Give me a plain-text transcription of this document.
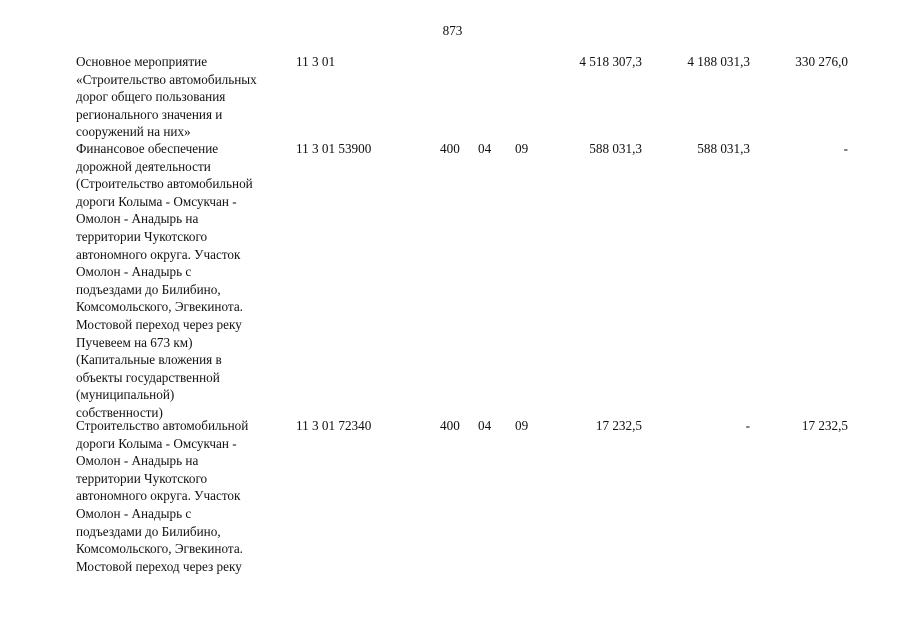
873
Основное мероприятие
«Строительство автомобильных
дорог общего пользования
регионального значения и
сооружений на них»
11 3 01	4 518 307,3	4 188 031,3	330 276,0
Финансовое обеспечение
дорожной деятельности
(Строительство автомобильной
дороги Колыма - Омсукчан -
Омолон - Анадырь на
территории Чукотского
автономного округа. Участок
Омолон - Анадырь с
подъездами до Билибино,
Комсомольского, Эгвекинота.
Мостовой переход через реку
Пучевеем на 673 км)
(Капитальные вложения в
объекты государственной
(муниципальной)
собственности)
11 3 01 53900	400 04 09	588 031,3	588 031,3	-
Строительство автомобильной
дороги Колыма - Омсукчан -
Омолон - Анадырь на
территории Чукотского
автономного округа. Участок
Омолон - Анадырь с
подъездами до Билибино,
Комсомольского, Эгвекинота.
Мостовой переход через реку
11 3 01 72340	400 04 09	17 232,5	-	17 232,5
